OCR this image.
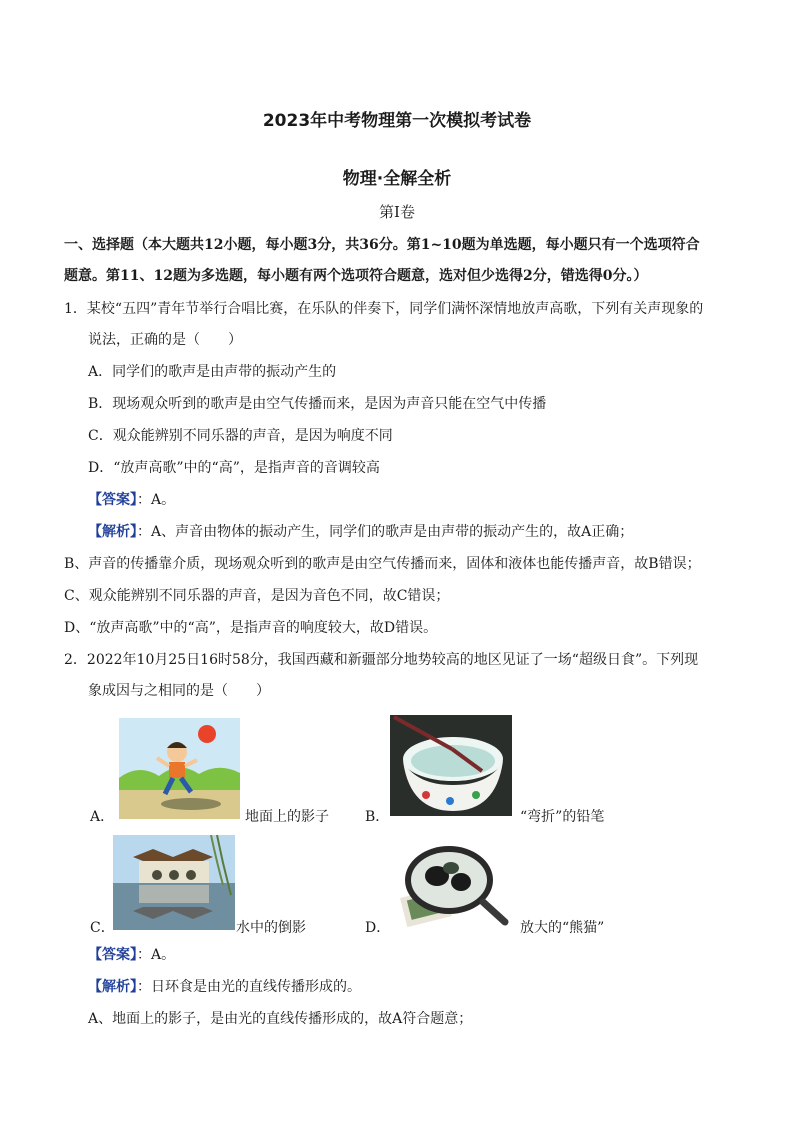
2023年中考物理第一次模拟考试卷
物理·全解全析
第Ⅰ卷
一、选择题（本大题共12小题，每小题3分，共36分。第1~10题为单选题，每小题只有一个选项符合
题意。第11、12题为多选题，每小题有两个选项符合题意，选对但少选得2分，错选得0分。）
1．某校“五四”青年节举行合唱比赛，在乐队的伴奏下，同学们满怀深情地放声高歌，下列有关声现象的
说法，正确的是（　　）
A．同学们的歌声是由声带的振动产生的
B．现场观众听到的歌声是由空气传播而来，是因为声音只能在空气中传播
C．观众能辨别不同乐器的声音，是因为响度不同
D．“放声高歌”中的“高”，是指声音的音调较高
【答案】：A。
【解析】：A、声音由物体的振动产生，同学们的歌声是由声带的振动产生的，故A正确；
B、声音的传播靠介质，现场观众听到的歌声是由空气传播而来，固体和液体也能传播声音，故B错误；
C、观众能辨别不同乐器的声音，是因为音色不同，故C错误；
D、“放声高歌”中的“高”，是指声音的响度较大，故D错误。
2．2022年10月25日16时58分，我国西藏和新疆部分地势较高的地区见证了一场“超级日食”。下列现
象成因与之相同的是（　　）
A．	地面上的影子	B．	“弯折”的铅笔
C．	水中的倒影	D．	放大的“熊猫”
【答案】：A。
【解析】：日环食是由光的直线传播形成的。
A、地面上的影子，是由光的直线传播形成的，故A符合题意；
